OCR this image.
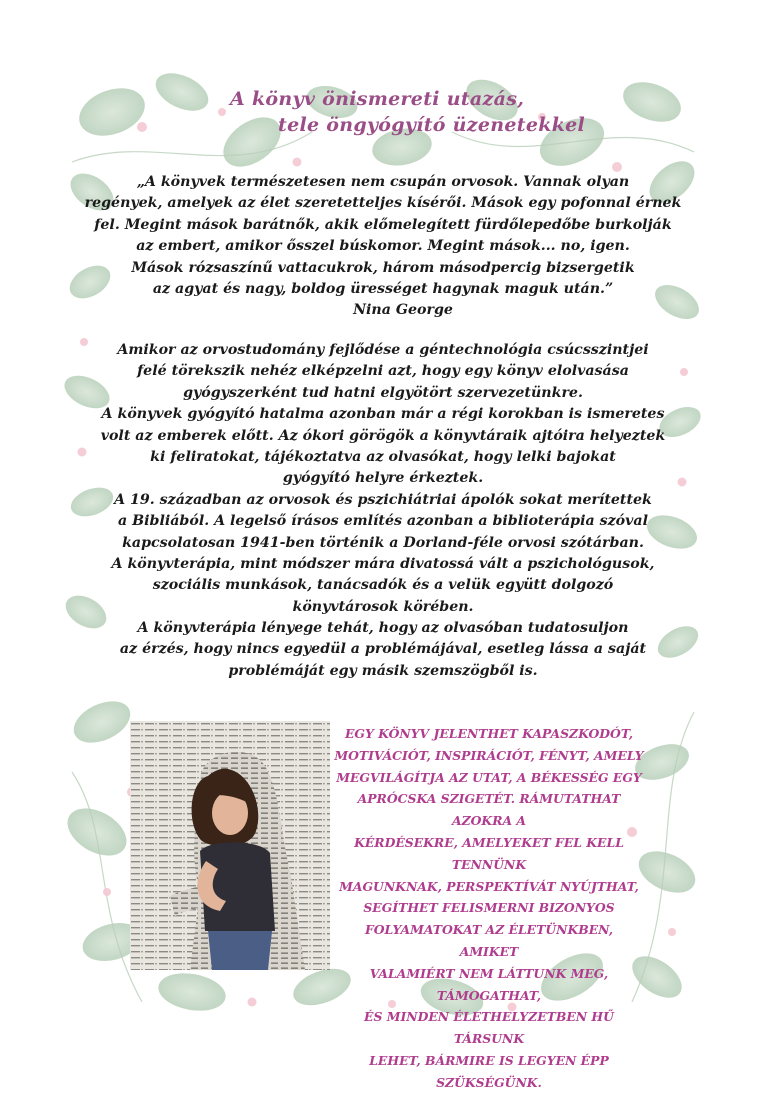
A könyv önismereti utazás,
tele öngyógyító üzenetekkel
„A könyvek természetesen nem csupán orvosok. Vannak olyan
regények, amelyek az élet szeretetteljes kísérői. Mások egy pofonnal érnek
fel. Megint mások barátnők, akik előmelegített fürdőlepedőbe burkolják
az embert, amikor ősszel búskomor. Megint mások... no, igen.
Mások rózsaszínű vattacukrok, három másodpercig bizsergetik
az agyat és nagy, boldog ürességet hagynak maguk után.”
Nina George
Amikor az orvostudomány fejlődése a géntechnológia csúcsszintjei
felé törekszik nehéz elképzelni azt, hogy egy könyv elolvasása
gyógyszerként tud hatni elgyötört szervezetünkre.
A könyvek gyógyító hatalma azonban már a régi korokban is ismeretes
volt az emberek előtt. Az ókori görögök a könyvtáraik ajtóira helyeztek
ki feliratokat, tájékoztatva az olvasókat, hogy lelki bajokat
gyógyító helyre érkeztek.
A 19. században az orvosok és pszichiátriai ápolók sokat merítettek
a Bibliából. A legelső írásos említés azonban a biblioterápia szóval
kapcsolatosan 1941-ben történik a Dorland-féle orvosi szótárban.
A könyvterápia, mint módszer mára divatossá vált a pszichológusok,
szociális munkások, tanácsadók és a velük együtt dolgozó
könyvtárosok körében.
A könyvterápia lényege tehát, hogy az olvasóban tudatosuljon
az érzés, hogy nincs egyedül a problémájával, esetleg lássa a saját
problémáját egy másik szemszögből is.
EGY KÖNYV JELENTHET KAPASZKODÓT,
MOTIVÁCIÓT, INSPIRÁCIÓT, FÉNYT, AMELY
MEGVILÁGÍTJA AZ UTAT, A BÉKESSÉG EGY
APRÓCSKA SZIGETÉT. RÁMUTATHAT AZOKRA A
KÉRDÉSEKRE, AMELYEKET FEL KELL TENNÜNK
MAGUNKNAK, PERSPEKTÍVÁT NYÚJTHAT,
SEGÍTHET FELISMERNI BIZONYOS
FOLYAMATOKAT AZ ÉLETÜNKBEN, AMIKET
VALAMIÉRT NEM LÁTTUNK MEG, TÁMOGATHAT,
ÉS MINDEN ÉLETHELYZETBEN HŰ TÁRSUNK
LEHET, BÁRMIRE IS LEGYEN ÉPP
SZÜKSÉGÜNK.
